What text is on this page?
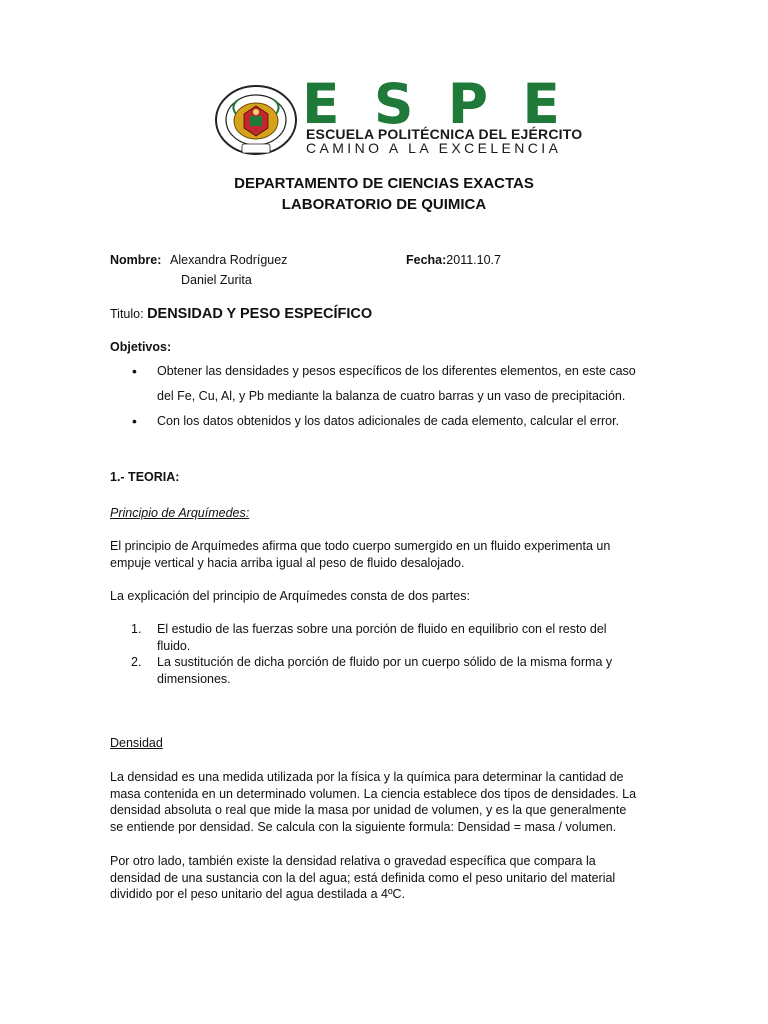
E S P E
ESCUELA POLITÉCNICA DEL EJÉRCITO
CAMINO A LA EXCELENCIA
DEPARTAMENTO DE CIENCIAS EXACTAS
LABORATORIO DE QUIMICA
Nombre: Alexandra Rodríguez
Daniel Zurita
Fecha:2011.10.7
Titulo: DENSIDAD Y PESO ESPECÍFICO
Objetivos:
• Obtener las densidades y pesos específicos de los diferentes elementos, en este caso
del Fe, Cu, Al, y Pb mediante la balanza de cuatro barras y un vaso de precipitación.
• Con los datos obtenidos y los datos adicionales de cada elemento, calcular el error.
1.- TEORIA:
Principio de Arquímedes:
El principio de Arquímedes afirma que todo cuerpo sumergido en un fluido experimenta un
empuje vertical y hacia arriba igual al peso de fluido desalojado.
La explicación del principio de Arquímedes consta de dos partes:
1. El estudio de las fuerzas sobre una porción de fluido en equilibrio con el resto del
fluido.
2. La sustitución de dicha porción de fluido por un cuerpo sólido de la misma forma y
dimensiones.
Densidad
La densidad es una medida utilizada por la física y la química para determinar la cantidad de
masa contenida en un determinado volumen. La ciencia establece dos tipos de densidades. La
densidad absoluta o real que mide la masa por unidad de volumen, y es la que generalmente
se entiende por densidad. Se calcula con la siguiente formula: Densidad = masa / volumen.
Por otro lado, también existe la densidad relativa o gravedad específica que compara la
densidad de una sustancia con la del agua; está definida como el peso unitario del material
dividido por el peso unitario del agua destilada a 4ºC.
